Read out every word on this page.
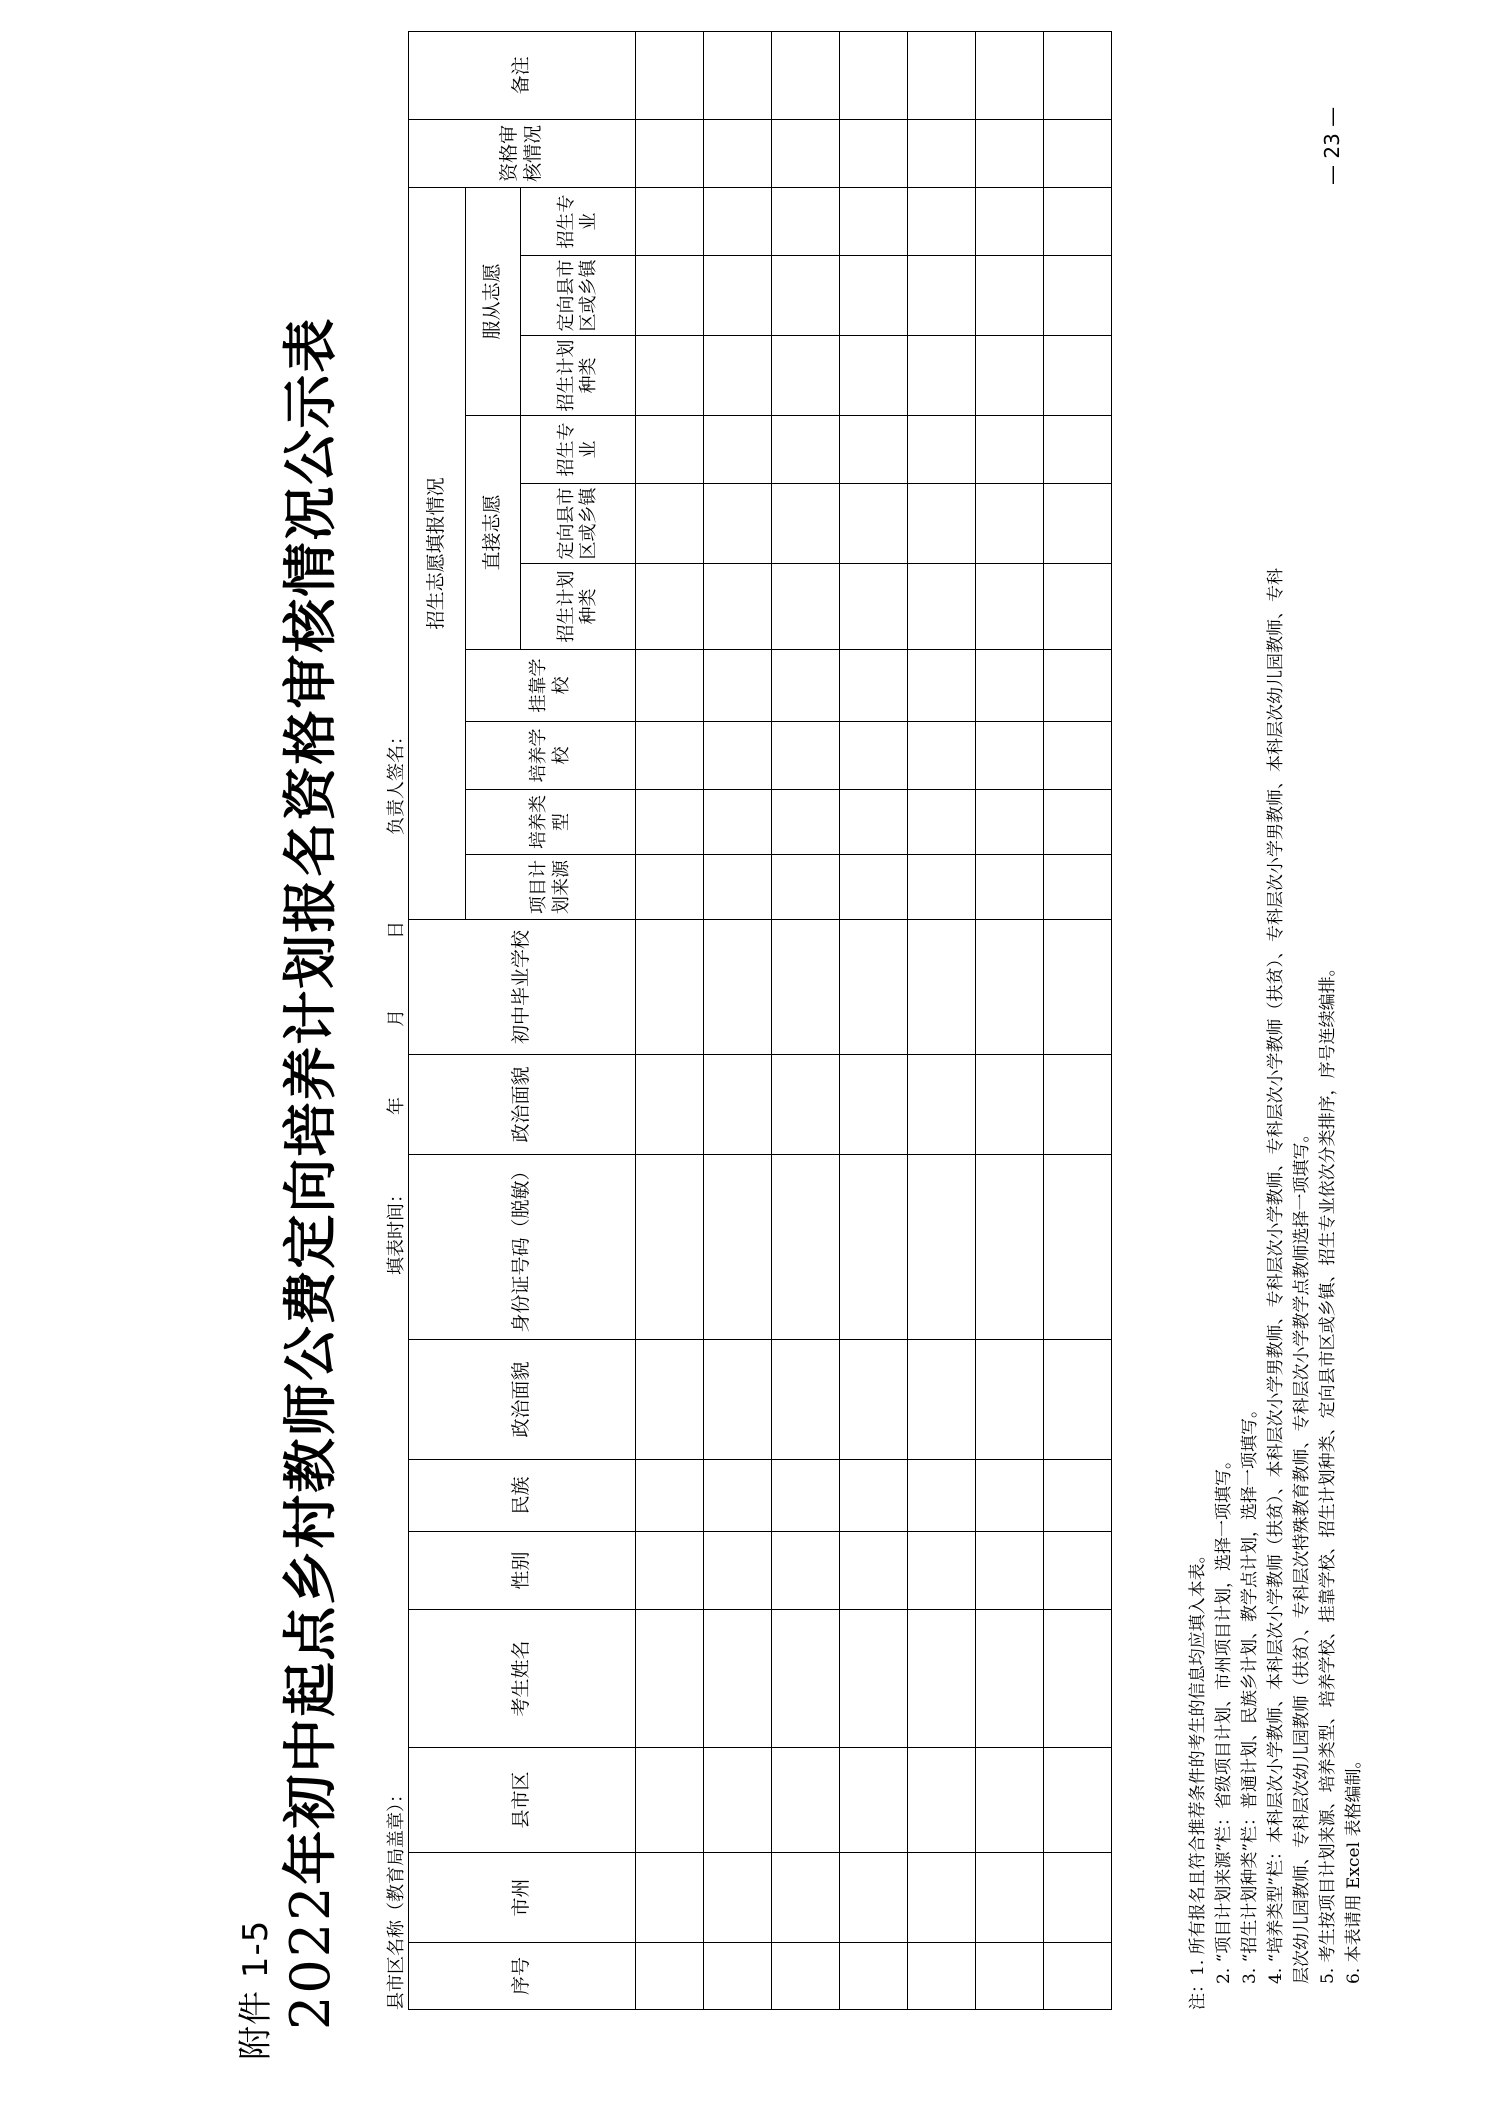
附件 1-5 2022年初中起点乡村教师公费定向培养计划报名资格审核情况公示表
县市区名称（教育局盖章）：
填表时间：年月日
负责人签名：
序号	市州	县市区	考生姓名	性别	民族	政治面貌	身份证号码（脱敏）	政治面貌	初中毕业学校	招生志愿填报情况										资格审核情况	备注
										项目计划来源	培养类型	培养学校	挂靠学校	直接志愿			服从志愿				
														招生计划种类	定向县市区或乡镇	招生专业	招生计划种类	定向县市区或乡镇	招生专业		

注：1. 所有报名且符合推荐条件的考生的信息均应填入本表。 2. “项目计划来源”栏：省级项目计划、市州项目计划，选择一项填写。 3. “招生计划种类”栏：普通计划、民族乡计划、教学点计划，选择一项填写。 4. “培养类型”栏：本科层次小学教师、本科层次小学教师（扶贫）、本科层次小学男教师、专科层次小学教师、专科层次小学教师（扶贫）、专科层次小学男教师、本科层次幼儿园教师、专科 层次幼儿园教师、专科层次幼儿园教师（扶贫）、专科层次特殊教育教师、专科层次小学教学点教师选择一项填写。 5. 考生按项目计划来源、培养类型、培养学校、挂靠学校、招生计划种类、定向县市区或乡镇、招生专业依次分类排序，序号连续编排。 6. 本表请用 Excel 表格编制。
— 23 —
